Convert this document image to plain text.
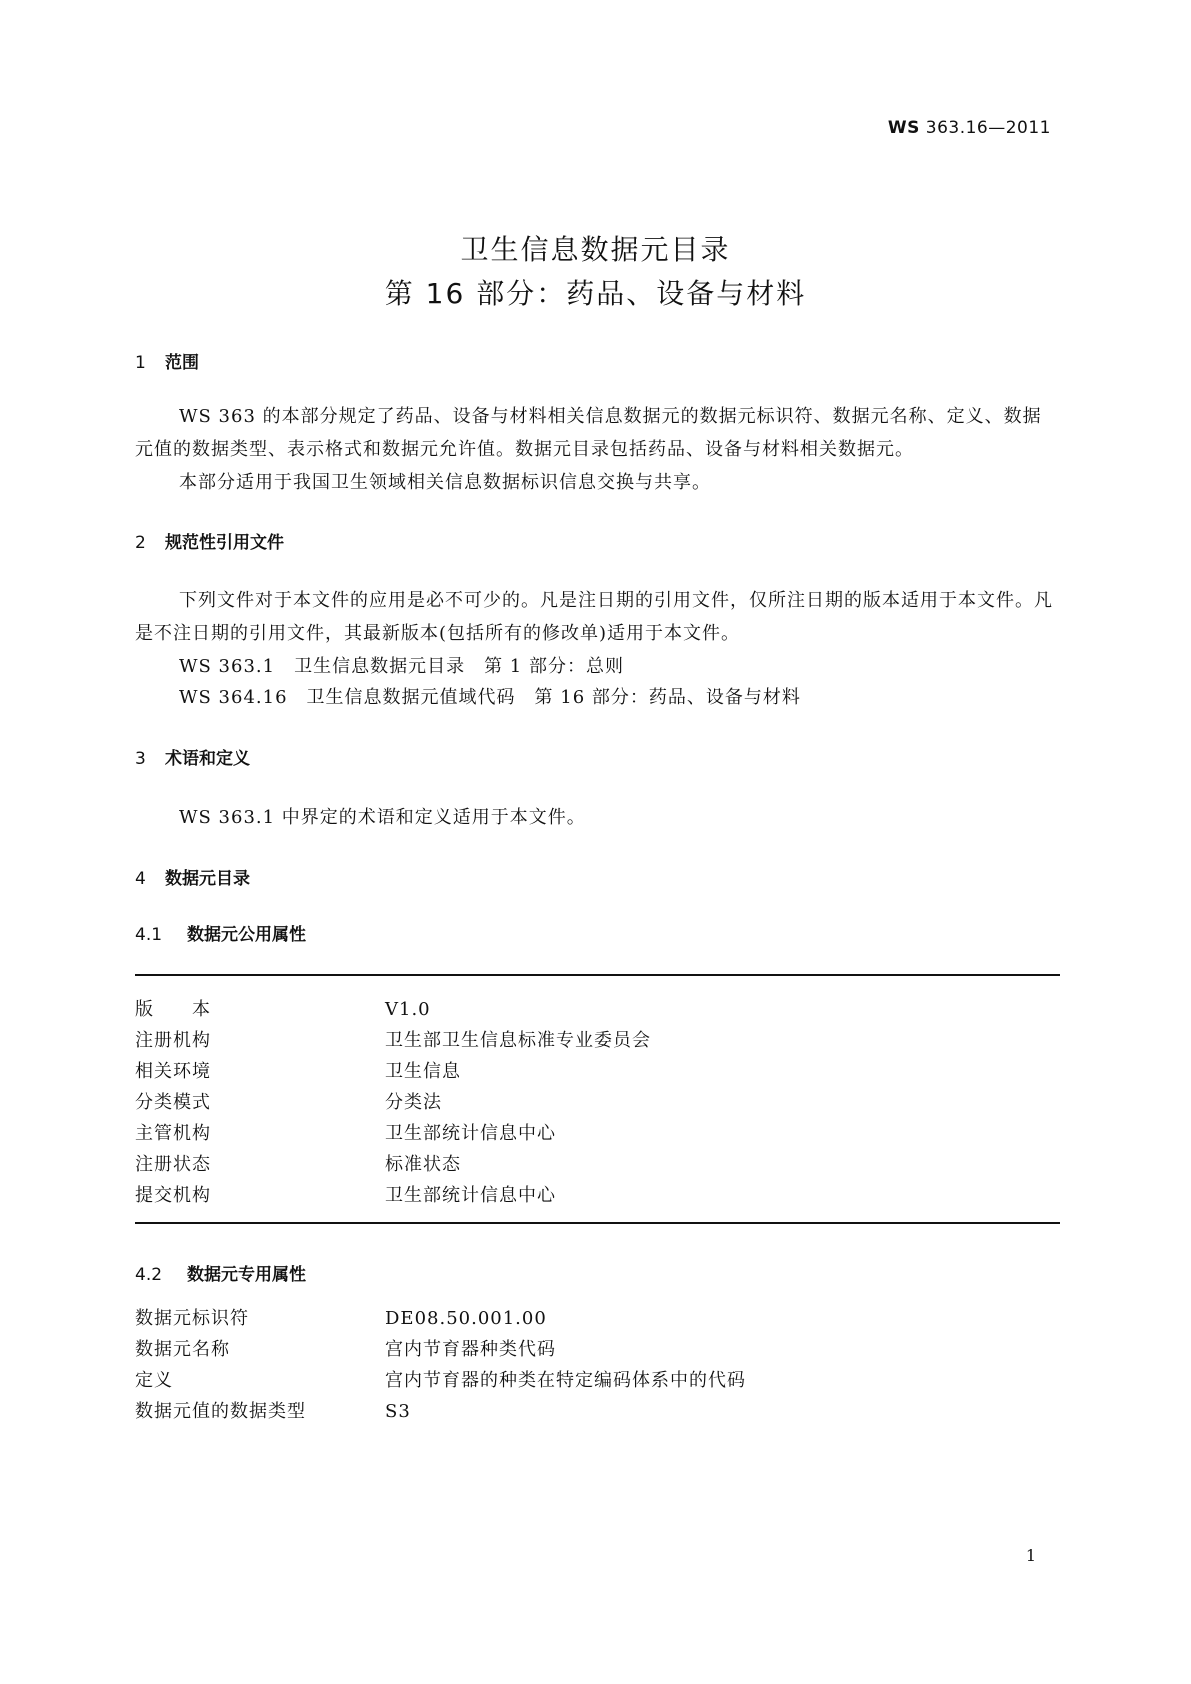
WS 363.16—2011
卫生信息数据元目录
第 16 部分：药品、设备与材料
1 范围
WS 363 的本部分规定了药品、设备与材料相关信息数据元的数据元标识符、数据元名称、定义、数据元值的数据类型、表示格式和数据元允许值。数据元目录包括药品、设备与材料相关数据元。
本部分适用于我国卫生领域相关信息数据标识信息交换与共享。
2 规范性引用文件
下列文件对于本文件的应用是必不可少的。凡是注日期的引用文件，仅所注日期的版本适用于本文件。凡是不注日期的引用文件，其最新版本(包括所有的修改单)适用于本文件。
WS 363.1　卫生信息数据元目录　第 1 部分：总则
WS 364.16　卫生信息数据元值域代码　第 16 部分：药品、设备与材料
3 术语和定义
WS 363.1 中界定的术语和定义适用于本文件。
4 数据元目录
4.1 数据元公用属性
版　　本	V1.0
注册机构	卫生部卫生信息标准专业委员会
相关环境	卫生信息
分类模式	分类法
主管机构	卫生部统计信息中心
注册状态	标准状态
提交机构	卫生部统计信息中心
4.2 数据元专用属性
数据元标识符	DE08.50.001.00
数据元名称	宫内节育器种类代码
定义	宫内节育器的种类在特定编码体系中的代码
数据元值的数据类型	S3
1
